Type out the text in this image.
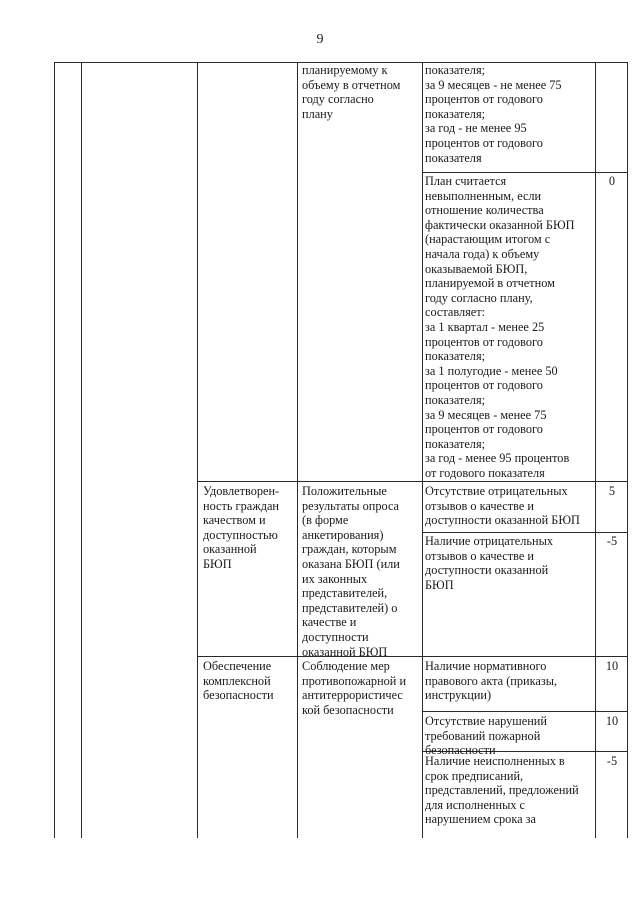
9
планируемому к
объему в отчетном
году согласно
плану
показателя;
за 9 месяцев - не менее 75
процентов от годового
показателя;
за год - не менее 95
процентов от годового
показателя
План считается
невыполненным, если
отношение количества
фактически оказанной БЮП
(нарастающим итогом с
начала года) к объему
оказываемой БЮП,
планируемой в отчетном
году согласно плану,
составляет:
за 1 квартал - менее 25
процентов от годового
показателя;
за 1 полугодие - менее 50
процентов от годового
показателя;
за 9 месяцев - менее 75
процентов от годового
показателя;
за год - менее 95 процентов
от годового показателя
0
Удовлетворен-
ность граждан
качеством и
доступностью
оказанной
БЮП
Положительные
результаты опроса
(в форме
анкетирования)
граждан, которым
оказана БЮП (или
их законных
представителей,
представителей) о
качестве и
доступности
оказанной БЮП
Отсутствие отрицательных
отзывов о качестве и
доступности оказанной БЮП
5
Наличие отрицательных
отзывов о качестве и
доступности оказанной
БЮП
-5
Обеспечение
комплексной
безопасности
Соблюдение мер
противопожарной и
антитеррористичес
кой безопасности
Наличие нормативного
правового акта (приказы,
инструкции)
10
Отсутствие нарушений
требований пожарной
безопасности
10
Наличие неисполненных в
срок предписаний,
представлений, предложений
для исполненных с
нарушением срока за
-5
